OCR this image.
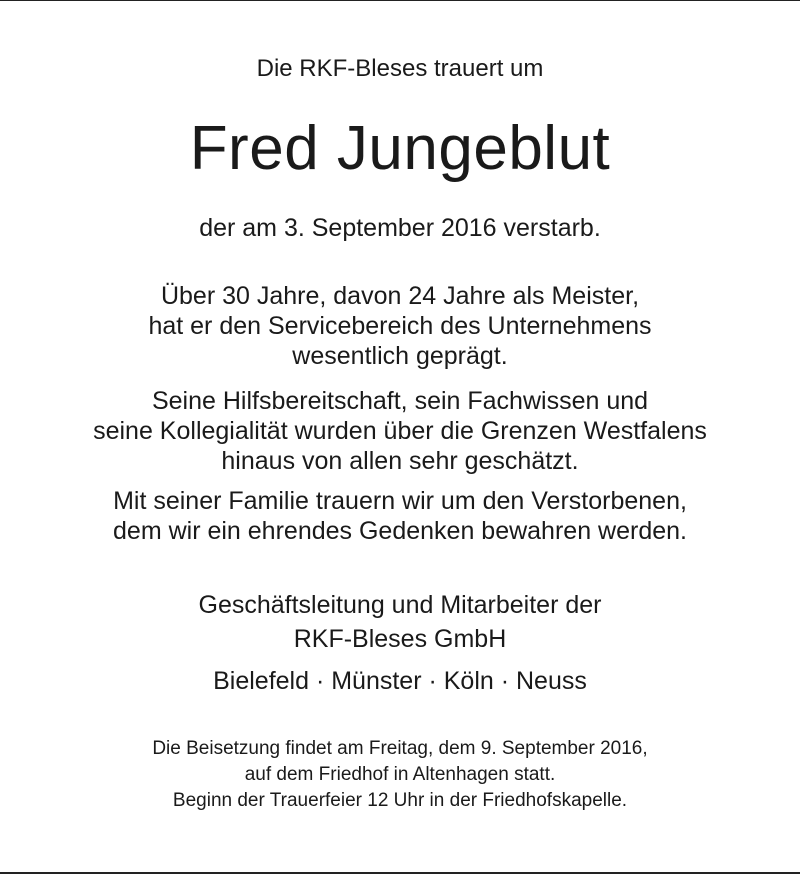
Die RKF-Bleses trauert um
Fred Jungeblut
der am 3. September 2016 verstarb.
Über 30 Jahre, davon 24 Jahre als Meister,
hat er den Servicebereich des Unternehmens
wesentlich geprägt.
Seine Hilfsbereitschaft, sein Fachwissen und
seine Kollegialität wurden über die Grenzen Westfalens
hinaus von allen sehr geschätzt.
Mit seiner Familie trauern wir um den Verstorbenen,
dem wir ein ehrendes Gedenken bewahren werden.
Geschäftsleitung und Mitarbeiter der
RKF-Bleses GmbH
Bielefeld · Münster · Köln · Neuss
Die Beisetzung findet am Freitag, dem 9. September 2016,
auf dem Friedhof in Altenhagen statt.
Beginn der Trauerfeier 12 Uhr in der Friedhofskapelle.
